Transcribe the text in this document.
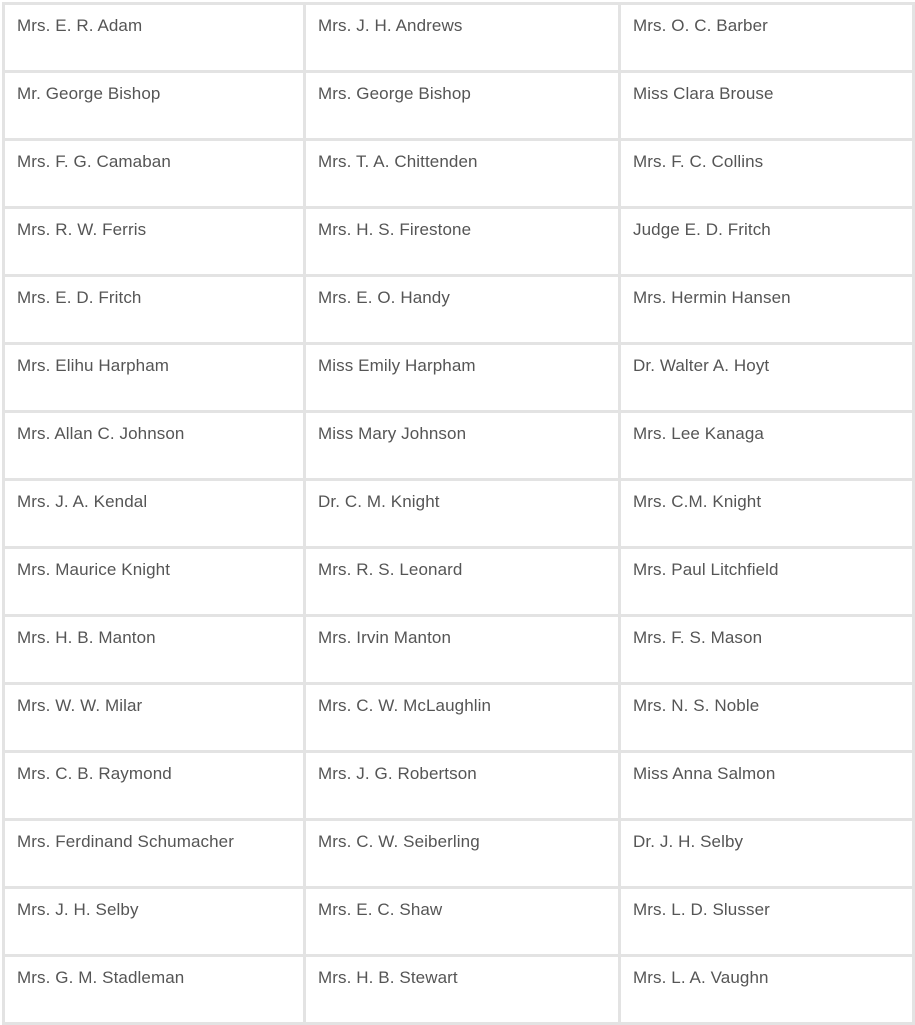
Mrs. E. R. Adam	Mrs. J. H. Andrews	Mrs. O. C. Barber
Mr. George Bishop	Mrs. George Bishop	Miss Clara Brouse
Mrs. F. G. Camaban	Mrs. T. A. Chittenden	Mrs. F. C. Collins
Mrs. R. W. Ferris	Mrs. H. S. Firestone	Judge E. D. Fritch
Mrs. E. D. Fritch	Mrs. E. O. Handy	Mrs. Hermin Hansen
Mrs. Elihu Harpham	Miss Emily Harpham	Dr. Walter A. Hoyt
Mrs. Allan C. Johnson	Miss Mary Johnson	Mrs. Lee Kanaga
Mrs. J. A. Kendal	Dr. C. M. Knight	Mrs. C.M. Knight
Mrs. Maurice Knight	Mrs. R. S. Leonard	Mrs. Paul Litchfield
Mrs. H. B. Manton	Mrs. Irvin Manton	Mrs. F. S. Mason
Mrs. W. W. Milar	Mrs. C. W. McLaughlin	Mrs. N. S. Noble
Mrs. C. B. Raymond	Mrs. J. G. Robertson	Miss Anna Salmon
Mrs. Ferdinand Schumacher	Mrs. C. W. Seiberling	Dr. J. H. Selby
Mrs. J. H. Selby	Mrs. E. C. Shaw	Mrs. L. D. Slusser
Mrs. G. M. Stadleman	Mrs. H. B. Stewart	Mrs. L. A. Vaughn
